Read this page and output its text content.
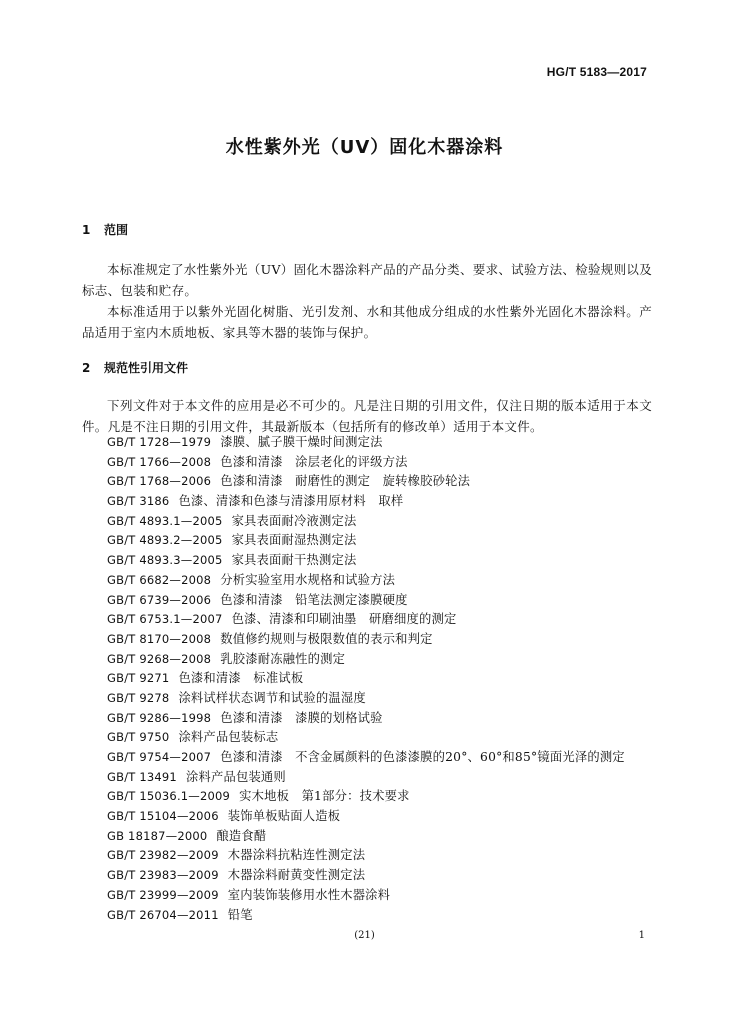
HG/T 5183—2017
水性紫外光（UV）固化木器涂料
1 范围
本标准规定了水性紫外光（UV）固化木器涂料产品的产品分类、要求、试验方法、检验规则以及标志、包装和贮存。
本标准适用于以紫外光固化树脂、光引发剂、水和其他成分组成的水性紫外光固化木器涂料。产品适用于室内木质地板、家具等木器的装饰与保护。
2 规范性引用文件
下列文件对于本文件的应用是必不可少的。凡是注日期的引用文件，仅注日期的版本适用于本文件。凡是不注日期的引用文件，其最新版本（包括所有的修改单）适用于本文件。
GB/T 1728—1979 漆膜、腻子膜干燥时间测定法
GB/T 1766—2008 色漆和清漆　涂层老化的评级方法
GB/T 1768—2006 色漆和清漆　耐磨性的测定　旋转橡胶砂轮法
GB/T 3186 色漆、清漆和色漆与清漆用原材料　取样
GB/T 4893.1—2005 家具表面耐冷液测定法
GB/T 4893.2—2005 家具表面耐湿热测定法
GB/T 4893.3—2005 家具表面耐干热测定法
GB/T 6682—2008 分析实验室用水规格和试验方法
GB/T 6739—2006 色漆和清漆　铅笔法测定漆膜硬度
GB/T 6753.1—2007 色漆、清漆和印刷油墨　研磨细度的测定
GB/T 8170—2008 数值修约规则与极限数值的表示和判定
GB/T 9268—2008 乳胶漆耐冻融性的测定
GB/T 9271 色漆和清漆　标准试板
GB/T 9278 涂料试样状态调节和试验的温湿度
GB/T 9286—1998 色漆和清漆　漆膜的划格试验
GB/T 9750 涂料产品包装标志
GB/T 9754—2007 色漆和清漆　不含金属颜料的色漆漆膜的20°、60°和85°镜面光泽的测定
GB/T 13491 涂料产品包装通则
GB/T 15036.1—2009 实木地板　第1部分：技术要求
GB/T 15104—2006 装饰单板贴面人造板
GB 18187—2000 酿造食醋
GB/T 23982—2009 木器涂料抗粘连性测定法
GB/T 23983—2009 木器涂料耐黄变性测定法
GB/T 23999—2009 室内装饰装修用水性木器涂料
GB/T 26704—2011 铅笔
(21)	1
